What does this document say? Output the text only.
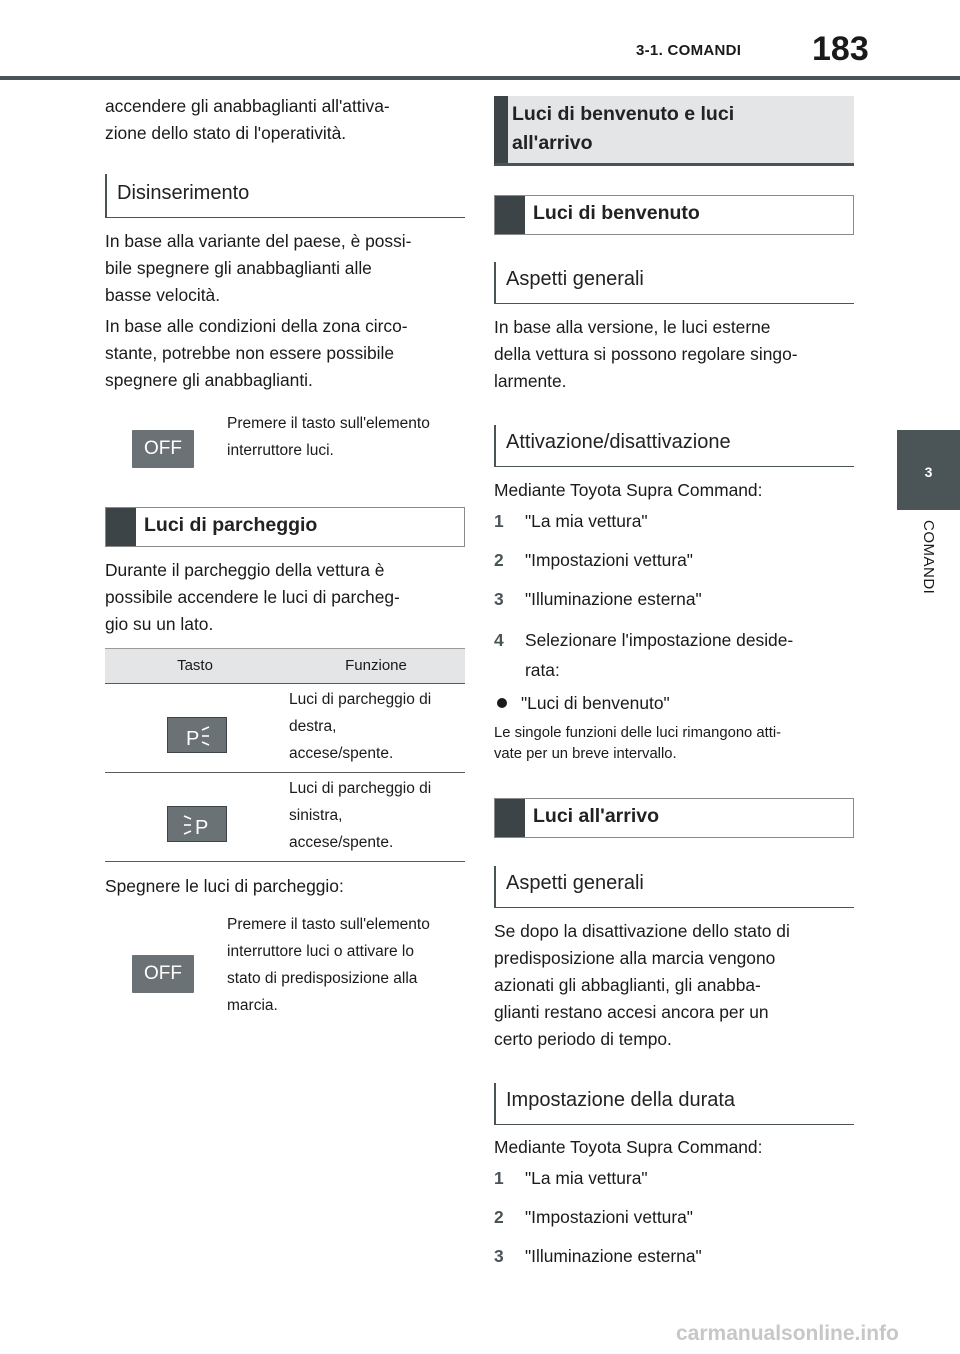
3-1. COMANDI 183
3
COMANDI

accendere gli anabbaglianti all'attiva-
zione dello stato di l'operatività.

Disinserimento

In base alla variante del paese, è possi-
bile spegnere gli anabbaglianti alle
basse velocità.

In base alle condizioni della zona circo-
stante, potrebbe non essere possibile
spegnere gli anabbaglianti.

OFF
Premere il tasto sull'elemento
interruttore luci.
Luci di parcheggio

Durante il parcheggio della vettura è
possibile accendere le luci di parcheg-
gio su un lato.

Tasto	Funzione
P
Luci di parcheggio di
destra,
accese/spente.
P
Luci di parcheggio di
sinistra,
accese/spente.

Spegnere le luci di parcheggio:

OFF
Premere il tasto sull'elemento
interruttore luci o attivare lo
stato di predisposizione alla
marcia.
Luci di benvenuto e luci
all'arrivo
Luci di benvenuto
Aspetti generali

In base alla versione, le luci esterne
della vettura si possono regolare singo-
larmente.

Attivazione/disattivazione

Mediante Toyota Supra Command:

1 "La mia vettura"
2 "Impostazioni vettura"
3 "Illuminazione esterna"
4 Selezionare l'impostazione deside-
rata:
"Luci di benvenuto"
Le singole funzioni delle luci rimangono atti-
vate per un breve intervallo.
Luci all'arrivo
Aspetti generali

Se dopo la disattivazione dello stato di
predisposizione alla marcia vengono
azionati gli abbaglianti, gli anabba-
glianti restano accesi ancora per un
certo periodo di tempo.

Impostazione della durata

Mediante Toyota Supra Command:

1 "La mia vettura"
2 "Impostazioni vettura"
3 "Illuminazione esterna"
carmanualsonline.info
